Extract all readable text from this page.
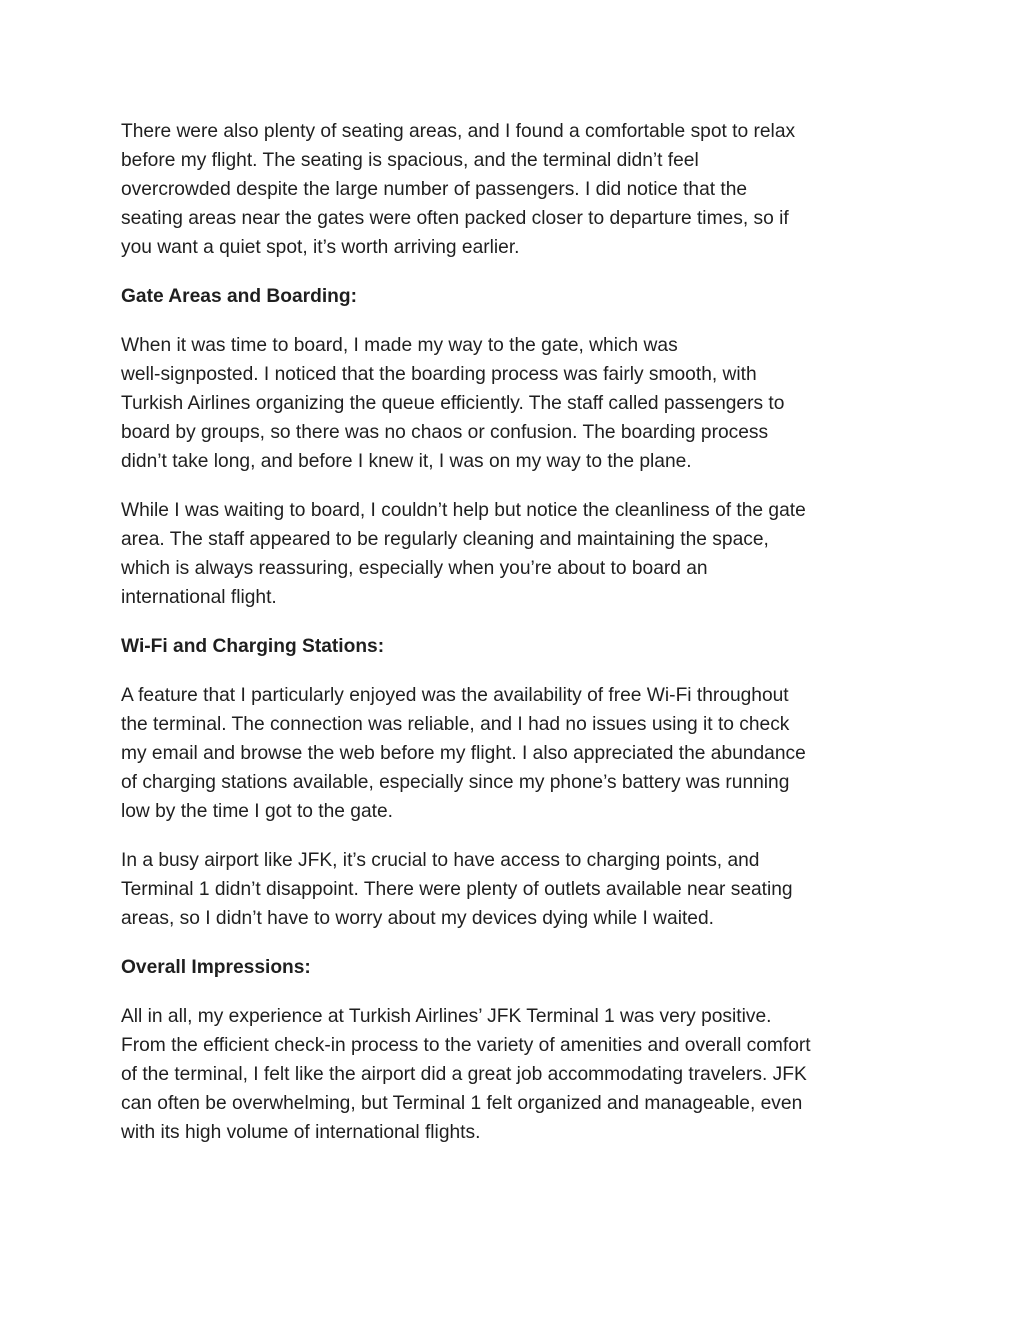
There were also plenty of seating areas, and I found a comfortable spot to relax
before my flight. The seating is spacious, and the terminal didn’t feel
overcrowded despite the large number of passengers. I did notice that the
seating areas near the gates were often packed closer to departure times, so if
you want a quiet spot, it’s worth arriving earlier.

Gate Areas and Boarding:

When it was time to board, I made my way to the gate, which was
well-signposted. I noticed that the boarding process was fairly smooth, with
Turkish Airlines organizing the queue efficiently. The staff called passengers to
board by groups, so there was no chaos or confusion. The boarding process
didn’t take long, and before I knew it, I was on my way to the plane.

While I was waiting to board, I couldn’t help but notice the cleanliness of the gate
area. The staff appeared to be regularly cleaning and maintaining the space,
which is always reassuring, especially when you’re about to board an
international flight.

Wi-Fi and Charging Stations:

A feature that I particularly enjoyed was the availability of free Wi-Fi throughout
the terminal. The connection was reliable, and I had no issues using it to check
my email and browse the web before my flight. I also appreciated the abundance
of charging stations available, especially since my phone’s battery was running
low by the time I got to the gate.

In a busy airport like JFK, it’s crucial to have access to charging points, and
Terminal 1 didn’t disappoint. There were plenty of outlets available near seating
areas, so I didn’t have to worry about my devices dying while I waited.

Overall Impressions:

All in all, my experience at Turkish Airlines’ JFK Terminal 1 was very positive.
From the efficient check-in process to the variety of amenities and overall comfort
of the terminal, I felt like the airport did a great job accommodating travelers. JFK
can often be overwhelming, but Terminal 1 felt organized and manageable, even
with its high volume of international flights.
